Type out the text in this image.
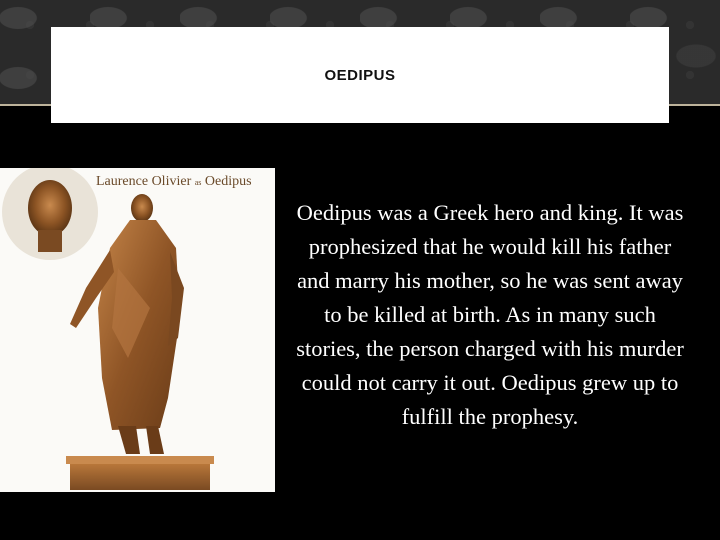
OEDIPUS
Laurence Olivier as Oedipus
Oedipus was a Greek hero and king. It was prophesized that he would kill his father and marry his mother, so he was sent away to be killed at birth. As in many such stories, the person charged with his murder could not carry it out. Oedipus grew up to fulfill the prophesy.
